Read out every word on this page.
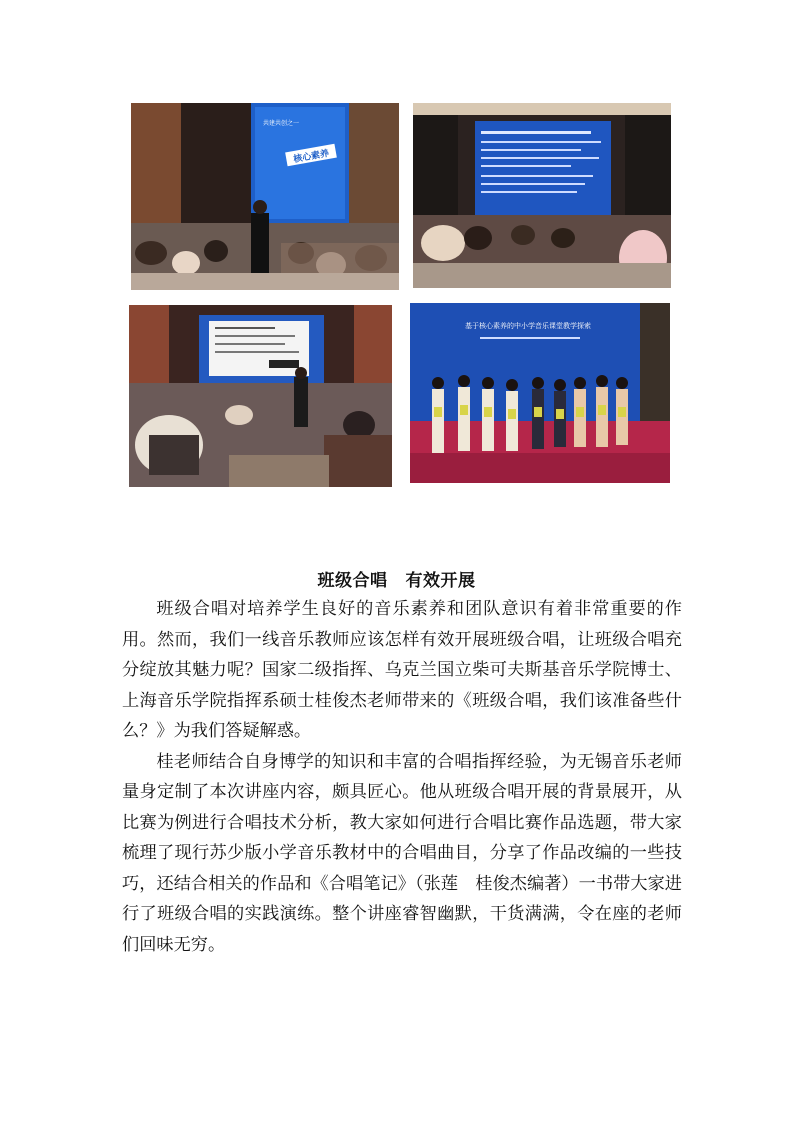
核心素养
共建共创之一
基于核心素养的中小学音乐课堂教学探索
班级合唱 有效开展

班级合唱对培养学生良好的音乐素养和团队意识有着非常重要的作用。然而，我们一线音乐教师应该怎样有效开展班级合唱，让班级合唱充分绽放其魅力呢？国家二级指挥、乌克兰国立柴可夫斯基音乐学院博士、上海音乐学院指挥系硕士桂俊杰老师带来的《班级合唱，我们该准备些什么？》为我们答疑解惑。

桂老师结合自身博学的知识和丰富的合唱指挥经验，为无锡音乐老师量身定制了本次讲座内容，颇具匠心。他从班级合唱开展的背景展开，从比赛为例进行合唱技术分析，教大家如何进行合唱比赛作品选题，带大家梳理了现行苏少版小学音乐教材中的合唱曲目，分享了作品改编的一些技巧，还结合相关的作品和《合唱笔记》（张莲　桂俊杰编著）一书带大家进行了班级合唱的实践演练。整个讲座睿智幽默，干货满满，令在座的老师们回味无穷。
